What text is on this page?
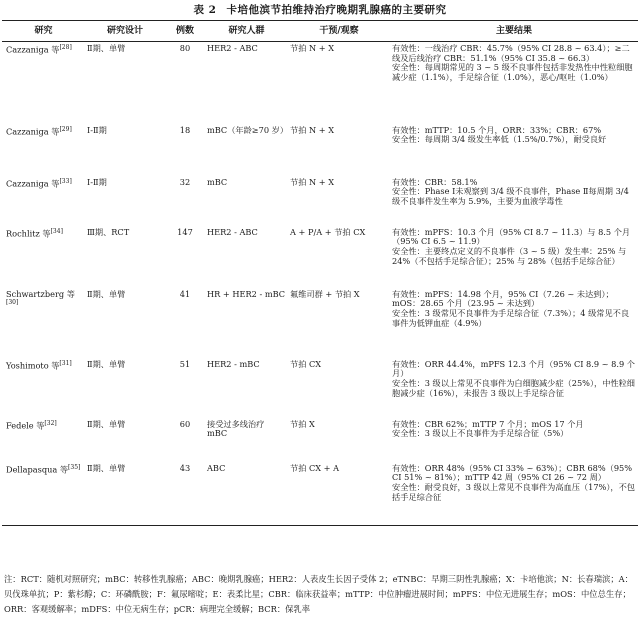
表 2 卡培他滨节拍维持治疗晚期乳腺癌的主要研究
研究	研究设计	例数	研究人群	干预/观察	主要结果
Cazzaniga 等[28]	Ⅱ期、单臂	80	HER2 - ABC	节拍 N + X	有效性：一线治疗 CBR：45.7%（95% CI 28.8 ~ 63.4）；≥二线及后线治疗 CBR：51.1%（95% CI 35.8 ~ 66.3）
安全性：每周期常见的 3 ~ 5 级不良事件包括非发热性中性粒细胞减少症（1.1%），手足综合征（1.0%），恶心/呕吐（1.0%）

Cazzaniga 等[29]	Ⅰ-Ⅱ期	18	mBC（年龄≥70 岁）	节拍 N + X	有效性：mTTP：10.5 个月，ORR：33%；CBR：67%
安全性：每周期 3/4 级发生率低（1.5%/0.7%），耐受良好

Cazzaniga 等[33]	Ⅰ-Ⅱ期	32	mBC	节拍 N + X	有效性：CBR：58.1%
安全性：Phase Ⅰ未观察到 3/4 级不良事件，Phase Ⅱ每周期 3/4 级不良事件发生率为 5.9%，主要为血液学毒性

Rochlitz 等[34]	Ⅲ期、RCT	147	HER2 - ABC	A + P/A + 节拍 CX	有效性：mPFS：10.3 个月（95% CI 8.7 ~ 11.3）与 8.5 个月（95% CI 6.5 ~ 11.9）
安全性：主要终点定义的不良事件（3 ~ 5 级）发生率：25% 与 24%（不包括手足综合征）；25% 与 28%（包括手足综合征）

Schwartzberg 等[30]	Ⅱ期、单臂	41	HR + HER2 - mBC	氟维司群 + 节拍 X	有效性：mPFS：14.98 个月，95% CI（7.26 ~ 未达到）；mOS：28.65 个月（23.95 ~ 未达到）
安全性：3 级常见不良事件为手足综合征（7.3%）；4 级常见不良事件为低钾血症（4.9%）

Yoshimoto 等[31]	Ⅱ期、单臂	51	HER2 - mBC	节拍 CX	有效性：ORR 44.4%，mPFS 12.3 个月（95% CI 8.9 ~ 8.9 个月）
安全性：3 级以上常见不良事件为白细胞减少症（25%），中性粒细胞减少症（16%），未报告 3 级以上手足综合征

Fedele 等[32]	Ⅱ期、单臂	60	接受过多线治疗 mBC	节拍 X	有效性：CBR 62%；mTTP 7 个月；mOS 17 个月
安全性：3 级以上不良事件为手足综合征（5%）

Dellapasqua 等[35]	Ⅱ期、单臂	43	ABC	节拍 CX + A	有效性：ORR 48%（95% CI 33% ~ 63%）；CBR 68%（95% CI 51% ~ 81%）；mTTP 42 周（95% CI 26 ~ 72 周）
安全性：耐受良好，3 级以上常见不良事件为高血压（17%），不包括手足综合征
注：RCT：随机对照研究；mBC：转移性乳腺癌；ABC：晚期乳腺癌；HER2：人表皮生长因子受体 2；eTNBC：早期三阴性乳腺癌；X：卡培他滨；N：长春瑞滨；A：贝伐珠单抗；P：紫杉醇；C：环磷酰胺；F：氟尿嘧啶；E：表柔比星；CBR：临床获益率；mTTP：中位肿瘤进展时间；mPFS：中位无进展生存；mOS：中位总生存；ORR：客观缓解率；mDFS：中位无病生存；pCR：病理完全缓解；BCR：保乳率
